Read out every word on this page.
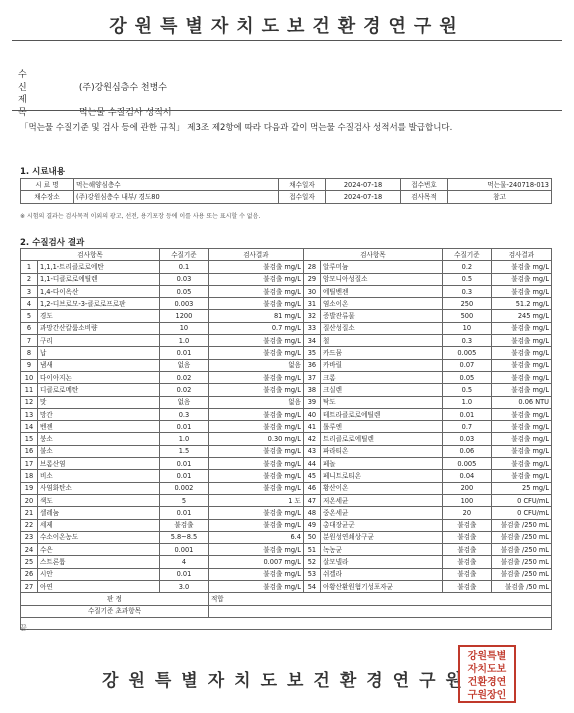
강원특별자치도보건환경연구원
수 신	(주)강원심층수 천병수
제 목	먹는물 수질검사 성적서
「먹는물 수질기준 및 검사 등에 관한 규칙」 제3조 제2항에 따라 다음과 같이 먹는물 수질검사 성적서를 발급합니다.
1. 시료내용
시 료 명	먹는해양심층수	채수일자	2024-07-18	접수번호	먹는물-240718-013
채수장소	(주)강원심층수 내부/ 경도80	접수일자	2024-07-18	검사목적	참고
※ 시험의 결과는 검사목적 이외의 광고, 선전, 용기포장 등에 이를 사용 또는 표시할 수 없음.
2. 수질검사 결과
검사항목		수질기준	검사결과	검사항목		수질기준	검사결과
1	1,1,1-트리클로로에탄	0.1	불검출 mg/L	28	알루미늄	0.2	불검출 mg/L
2	1,1-디클로로에틸렌	0.03	불검출 mg/L	29	암모니아성질소	0.5	불검출 mg/L
3	1,4-다이옥산	0.05	불검출 mg/L	30	에틸벤젠	0.3	불검출 mg/L
4	1,2-디브로모-3-클로로프로판	0.003	불검출 mg/L	31	염소이온	250	51.2 mg/L
5	경도	1200	81 mg/L	32	증발잔류물	500	245 mg/L
6	과망간산칼륨소비량	10	0.7 mg/L	33	질산성질소	10	불검출 mg/L
7	구리	1.0	불검출 mg/L	34	철	0.3	불검출 mg/L
8	납	0.01	불검출 mg/L	35	카드뮴	0.005	불검출 mg/L
9	냄새	없음	없음	36	카바릴	0.07	불검출 mg/L
10	다이아지논	0.02	불검출 mg/L	37	크롬	0.05	불검출 mg/L
11	디클로로메탄	0.02	불검출 mg/L	38	크실렌	0.5	불검출 mg/L
12	맛	없음	없음	39	탁도	1.0	0.06 NTU
13	망간	0.3	불검출 mg/L	40	테트라클로로에틸렌	0.01	불검출 mg/L
14	벤젠	0.01	불검출 mg/L	41	톨루엔	0.7	불검출 mg/L
15	붕소	1.0	0.30 mg/L	42	트리클로로에틸렌	0.03	불검출 mg/L
16	불소	1.5	불검출 mg/L	43	파라티온	0.06	불검출 mg/L
17	브롬산염	0.01	불검출 mg/L	44	페놀	0.005	불검출 mg/L
18	비소	0.01	불검출 mg/L	45	페니트로티온	0.04	불검출 mg/L
19	사염화탄소	0.002	불검출 mg/L	46	황산이온	200	25 mg/L
20	색도	5	1 도	47	저온세균	100	0 CFU/mL
21	셀레늄	0.01	불검출 mg/L	48	중온세균	20	0 CFU/mL
22	세제	불검출	불검출 mg/L	49	총대장균군	불검출	불검출 /250 mL
23	수소이온농도	5.8~8.5	6.4	50	분원성연쇄상구균	불검출	불검출 /250 mL
24	수은	0.001	불검출 mg/L	51	녹농균	불검출	불검출 /250 mL
25	스트론튬	4	0.007 mg/L	52	살모넬라	불검출	불검출 /250 mL
26	시안	0.01	불검출 mg/L	53	쉬겔라	불검출	불검출 /250 mL
27	아연	3.0	불검출 mg/L	54	아황산환원혐기성포자균	불검출	불검출 /50 mL
판 정			적합				
수질기준 초과항목							

끝.
강원특별자치도보건환경연구원
강원특별
자치도보
건환경연
구원장인
